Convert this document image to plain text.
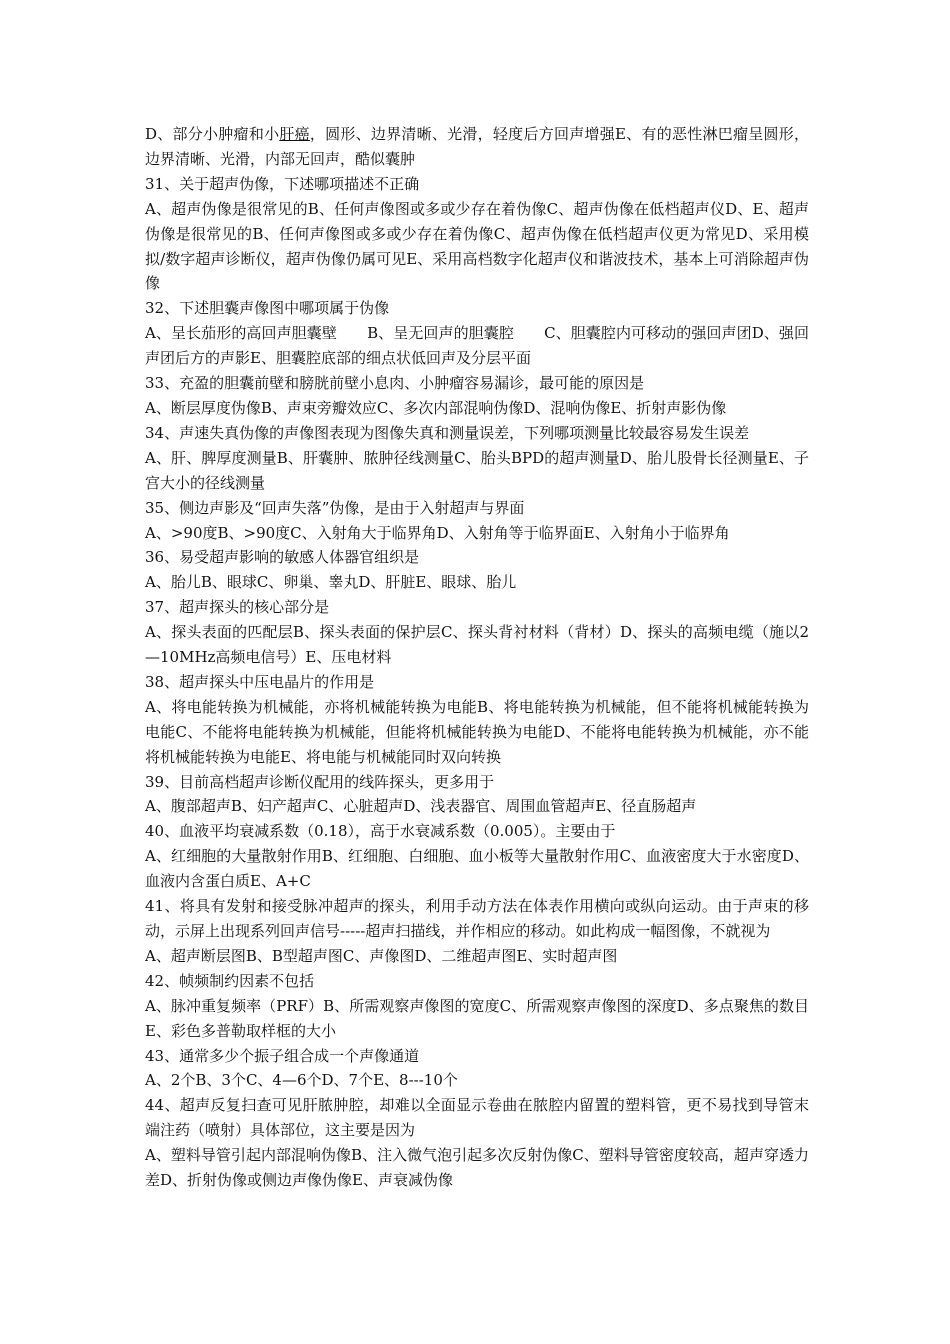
D、部分小肿瘤和小肝癌，圆形、边界清晰、光滑，轻度后方回声增强E、有的恶性淋巴瘤呈圆形，边界清晰、光滑，内部无回声，酷似囊肿

31、关于超声伪像，下述哪项描述不正确

A、超声伪像是很常见的B、任何声像图或多或少存在着伪像C、超声伪像在低档超声仪D、E、超声伪像是很常见的B、任何声像图或多或少存在着伪像C、超声伪像在低档超声仪更为常见D、采用模拟/数字超声诊断仪，超声伪像仍属可见E、采用高档数字化超声仪和谐波技术，基本上可消除超声伪像

32、下述胆囊声像图中哪项属于伪像

A、呈长茄形的高回声胆囊壁　　B、呈无回声的胆囊腔　　C、胆囊腔内可移动的强回声团D、强回声团后方的声影E、胆囊腔底部的细点状低回声及分层平面

33、充盈的胆囊前壁和膀胱前壁小息肉、小肿瘤容易漏诊，最可能的原因是

A、断层厚度伪像B、声束旁瓣效应C、多次内部混响伪像D、混响伪像E、折射声影伪像

34、声速失真伪像的声像图表现为图像失真和测量误差，下列哪项测量比较最容易发生误差

A、肝、脾厚度测量B、肝囊肿、脓肿径线测量C、胎头BPD的超声测量D、胎儿股骨长径测量E、子宫大小的径线测量

35、侧边声影及“回声失落”伪像，是由于入射超声与界面

A、>90度B、>90度C、入射角大于临界角D、入射角等于临界面E、入射角小于临界角

36、易受超声影响的敏感人体器官组织是

A、胎儿B、眼球C、卵巢、睾丸D、肝脏E、眼球、胎儿

37、超声探头的核心部分是

A、探头表面的匹配层B、探头表面的保护层C、探头背衬材料（背材）D、探头的高频电缆（施以2—10MHz高频电信号）E、压电材料

38、超声探头中压电晶片的作用是

A、将电能转换为机械能，亦将机械能转换为电能B、将电能转换为机械能，但不能将机械能转换为电能C、不能将电能转换为机械能，但能将机械能转换为电能D、不能将电能转换为机械能，亦不能将机械能转换为电能E、将电能与机械能同时双向转换

39、目前高档超声诊断仪配用的线阵探头，更多用于

A、腹部超声B、妇产超声C、心脏超声D、浅表器官、周围血管超声E、径直肠超声

40、血液平均衰减系数（0.18），高于水衰减系数（0.005）。主要由于

A、红细胞的大量散射作用B、红细胞、白细胞、血小板等大量散射作用C、血液密度大于水密度D、血液内含蛋白质E、A+C

41、将具有发射和接受脉冲超声的探头，利用手动方法在体表作用横向或纵向运动。由于声束的移动，示屏上出现系列回声信号-----超声扫描线，并作相应的移动。如此构成一幅图像，不就视为

A、超声断层图B、B型超声图C、声像图D、二维超声图E、实时超声图

42、帧频制约因素不包括

A、脉冲重复频率（PRF）B、所需观察声像图的宽度C、所需观察声像图的深度D、多点聚焦的数目E、彩色多普勒取样框的大小

43、通常多少个振子组合成一个声像通道

A、2个B、3个C、4—6个D、7个E、8---10个

44、超声反复扫查可见肝脓肿腔，却难以全面显示卷曲在脓腔内留置的塑料管，更不易找到导管末端注药（喷射）具体部位，这主要是因为

A、塑料导管引起内部混响伪像B、注入微气泡引起多次反射伪像C、塑料导管密度较高，超声穿透力差D、折射伪像或侧边声像伪像E、声衰减伪像
